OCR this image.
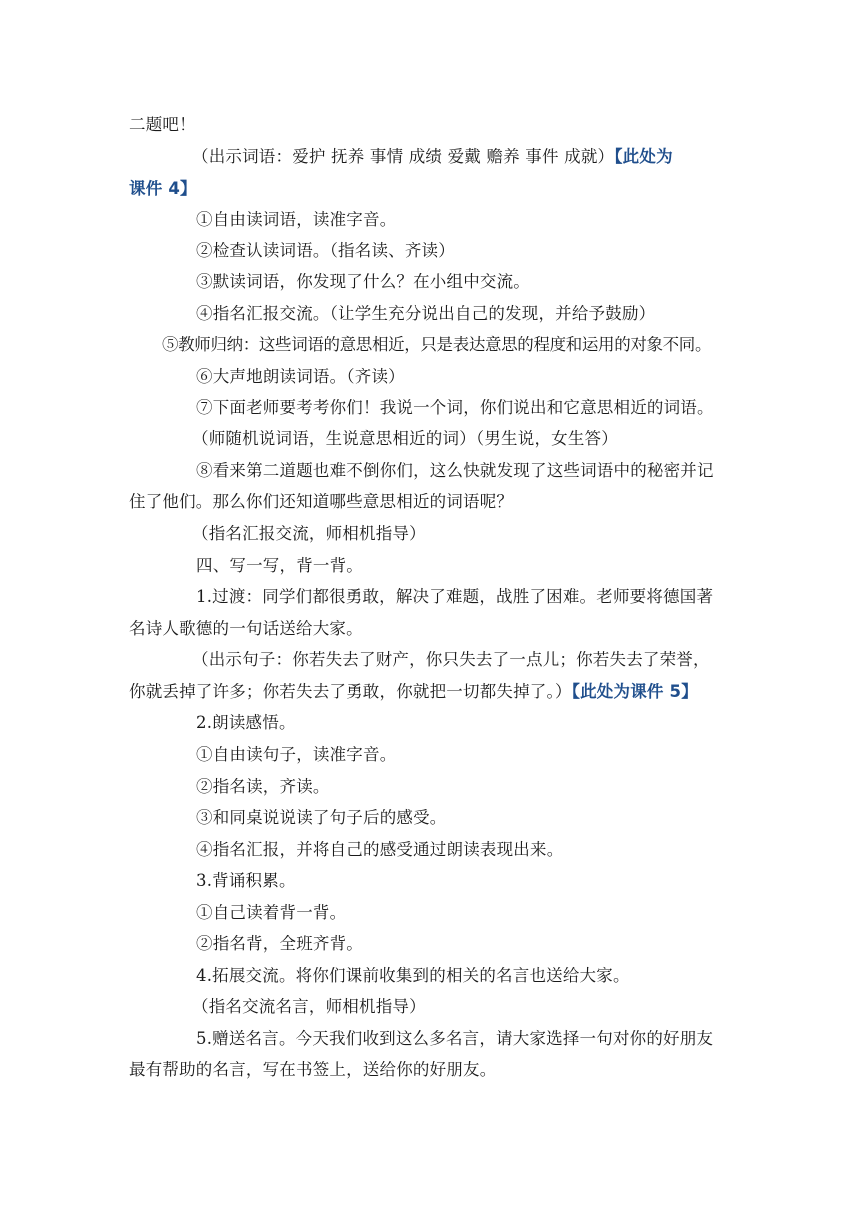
二题吧！
（出示词语：爱护 抚养 事情 成绩 爱戴 赡养 事件 成就）【此处为
课件 4】
①自由读词语，读准字音。
②检查认读词语。（指名读、齐读）
③默读词语，你发现了什么？在小组中交流。
④指名汇报交流。（让学生充分说出自己的发现，并给予鼓励）
⑤教师归纳：这些词语的意思相近，只是表达意思的程度和运用的对象不同。
⑥大声地朗读词语。（齐读）
⑦下面老师要考考你们！我说一个词，你们说出和它意思相近的词语。
（师随机说词语，生说意思相近的词）（男生说，女生答）
⑧看来第二道题也难不倒你们，这么快就发现了这些词语中的秘密并记
住了他们。那么你们还知道哪些意思相近的词语呢？
（指名汇报交流，师相机指导）
四、写一写，背一背。
1.过渡：同学们都很勇敢，解决了难题，战胜了困难。老师要将德国著
名诗人歌德的一句话送给大家。
（出示句子：你若失去了财产，你只失去了一点儿；你若失去了荣誉，
你就丢掉了许多；你若失去了勇敢，你就把一切都失掉了。）【此处为课件 5】
2.朗读感悟。
①自由读句子，读准字音。
②指名读，齐读。
③和同桌说说读了句子后的感受。
④指名汇报，并将自己的感受通过朗读表现出来。
3.背诵积累。
①自己读着背一背。
②指名背，全班齐背。
4.拓展交流。将你们课前收集到的相关的名言也送给大家。
（指名交流名言，师相机指导）
5.赠送名言。今天我们收到这么多名言，请大家选择一句对你的好朋友
最有帮助的名言，写在书签上，送给你的好朋友。
